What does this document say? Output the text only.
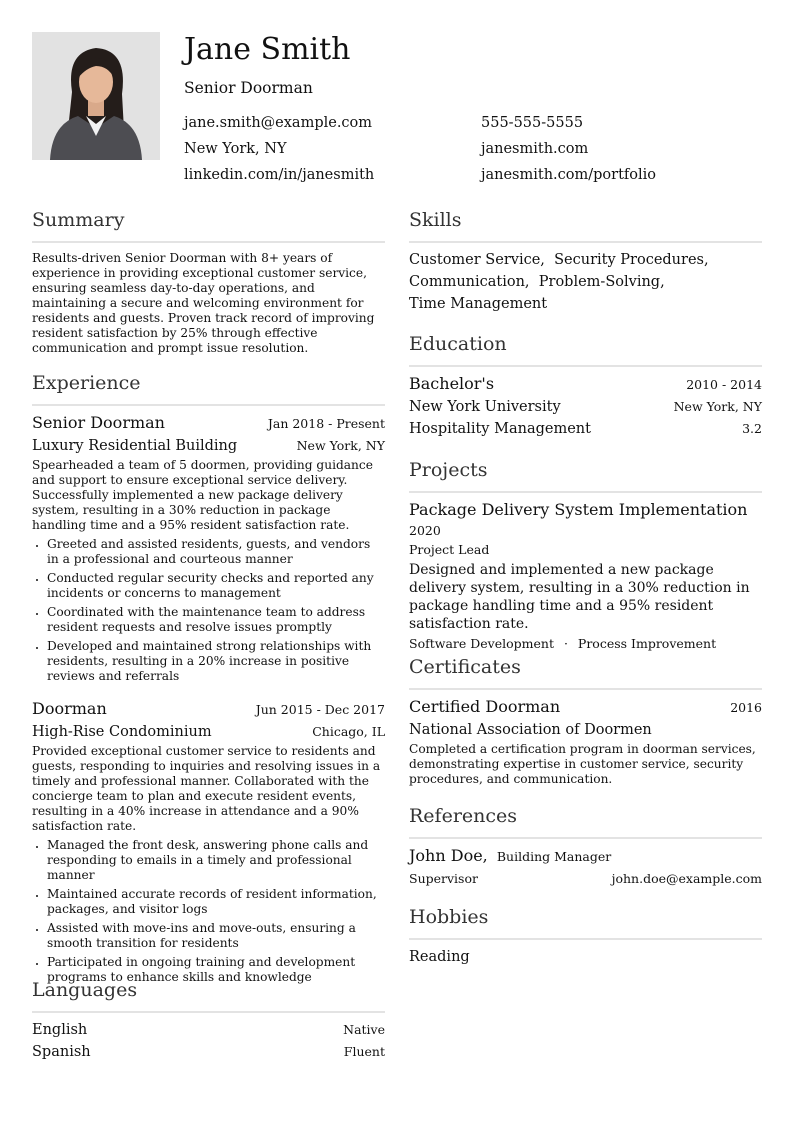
Jane Smith
Senior Doorman
jane.smith@example.com	555-555-5555
New York, NY	janesmith.com
linkedin.com/in/janesmith	janesmith.com/portfolio
Summary
Results-driven Senior Doorman with 8+ years of experience in providing exceptional customer service, ensuring seamless day-to-day operations, and maintaining a secure and welcoming environment for residents and guests. Proven track record of improving resident satisfaction by 25% through effective communication and prompt issue resolution.
Experience
Senior Doorman	Jan 2018 - Present
Luxury Residential Building	New York, NY
Spearheaded a team of 5 doormen, providing guidance and support to ensure exceptional service delivery. Successfully implemented a new package delivery system, resulting in a 30% reduction in package handling time and a 95% resident satisfaction rate.
• Greeted and assisted residents, guests, and vendors in a professional and courteous manner
• Conducted regular security checks and reported any incidents or concerns to management
• Coordinated with the maintenance team to address resident requests and resolve issues promptly
• Developed and maintained strong relationships with residents, resulting in a 20% increase in positive reviews and referrals
Doorman	Jun 2015 - Dec 2017
High-Rise Condominium	Chicago, IL
Provided exceptional customer service to residents and guests, responding to inquiries and resolving issues in a timely and professional manner. Collaborated with the concierge team to plan and execute resident events, resulting in a 40% increase in attendance and a 90% satisfaction rate.
• Managed the front desk, answering phone calls and responding to emails in a timely and professional manner
• Maintained accurate records of resident information, packages, and visitor logs
• Assisted with move-ins and move-outs, ensuring a smooth transition for residents
• Participated in ongoing training and development programs to enhance skills and knowledge
Languages
English	Native
Spanish	Fluent
Skills
Customer Service,  Security Procedures,
Communication,  Problem-Solving,
Time Management
Education
Bachelor's	2010 - 2014
New York University	New York, NY
Hospitality Management	3.2
Projects
Package Delivery System Implementation
2020
Project Lead
Designed and implemented a new package delivery system, resulting in a 30% reduction in package handling time and a 95% resident satisfaction rate.
Software Development · Process Improvement
Certificates
Certified Doorman	2016
National Association of Doormen
Completed a certification program in doorman services, demonstrating expertise in customer service, security procedures, and communication.
References
John Doe, Building Manager
Supervisor	john.doe@example.com
Hobbies
Reading
